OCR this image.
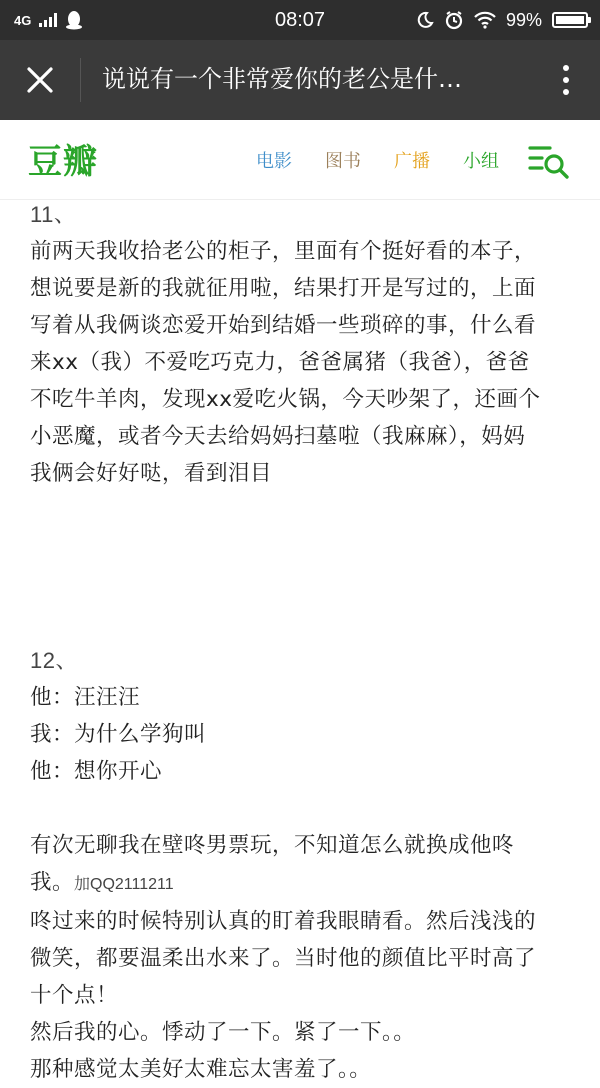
4G	08:07	99%
说说有一个非常爱你的老公是什…
豆瓣	电影 图书 广播 小组

11、

前两天我收拾老公的柜子，里面有个挺好看的本子，

想说要是新的我就征用啦，结果打开是写过的，上面

写着从我俩谈恋爱开始到结婚一些琐碎的事，什么看

来xx（我）不爱吃巧克力，爸爸属猪（我爸），爸爸

不吃牛羊肉，发现xx爱吃火锅，今天吵架了，还画个

小恶魔，或者今天去给妈妈扫墓啦（我麻麻），妈妈

我俩会好好哒，看到泪目

12、

他：汪汪汪

我：为什么学狗叫

他：想你开心

有次无聊我在壁咚男票玩，不知道怎么就换成他咚

我。加QQ2111211

咚过来的时候特别认真的盯着我眼睛看。然后浅浅的

微笑，都要温柔出水来了。当时他的颜值比平时高了

十个点！

然后我的心。悸动了一下。紧了一下。。

那种感觉太美好太难忘太害羞了。。
